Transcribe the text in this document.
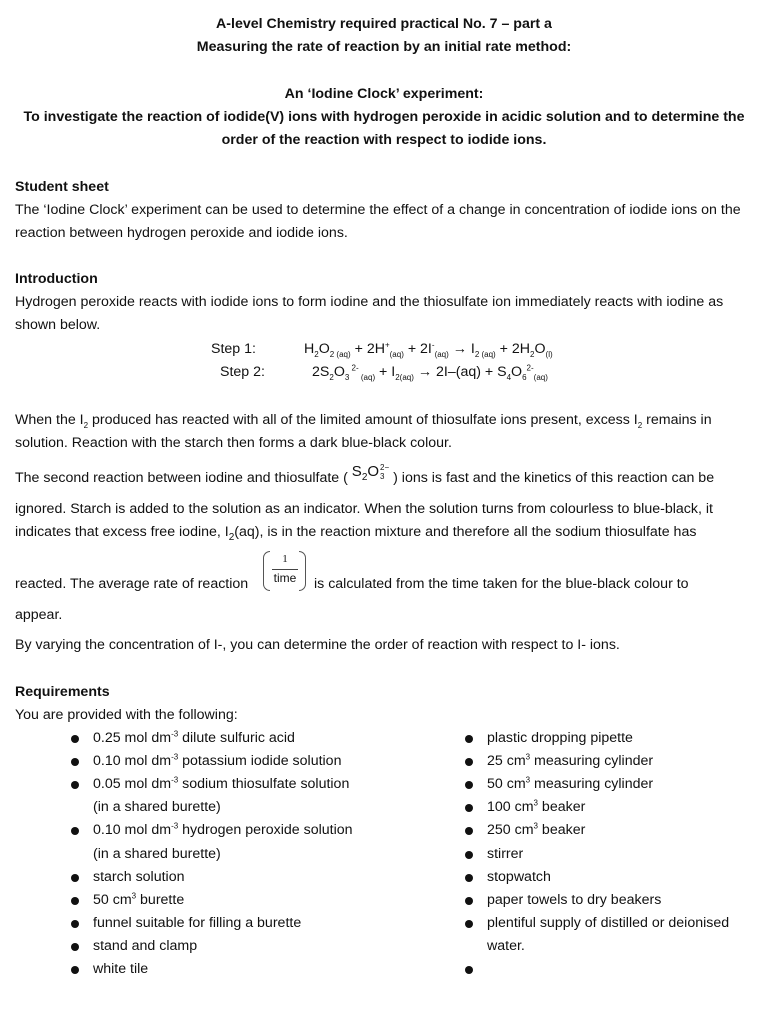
A-level Chemistry required practical No. 7 – part a
Measuring the rate of reaction by an initial rate method:
An ‘Iodine Clock’ experiment:
To investigate the reaction of iodide(V) ions with hydrogen peroxide in acidic solution and to determine the
order of the reaction with respect to iodide ions.
Student sheet
The ‘Iodine Clock’ experiment can be used to determine the effect of a change in concentration of iodide ions on the
reaction between hydrogen peroxide and iodide ions.
Introduction
Hydrogen peroxide reacts with iodide ions to form iodine and the thiosulfate ion immediately reacts with iodine as
shown below.
Step 1:	$H_2O_{2 (aq)} + 2H^+_{(aq)} + 2I^-_{(aq)} \to I_{2 (aq)} + 2H_2O_{(l)}$
Step 2:	$2S_2O_3$ $^{2-}$ $_{(aq)} + I_{2(aq)} \to 2I-(aq) + S_4O_6^{2-}_{(aq)}$
When the $I_2$ produced has reacted with all of the limited amount of thiosulfate ions present, excess $I_2$ remains in
solution. Reaction with the starch then forms a dark blue-black colour.
The second reaction between iodine and thiosulfate ( $S_2O2-$
3 ) ions is fast and the kinetics of this reaction can be
ignored. Starch is added to the solution as an indicator. When the solution turns from colourless to blue-black, it
indicates that excess free iodine, $I_2(aq)$, is in the reaction mixture and therefore all the sodium thiosulfate has
reacted. The average rate of reaction
1
time	is calculated from the time taken for the blue-black colour to
appear.
By varying the concentration of I-, you can determine the order of reaction with respect to I- ions.
Requirements
You are provided with the following:
0.25 mol $dm^{-3}$ dilute sulfuric acid
0.10 mol $dm^{-3}$ potassium iodide solution
0.05 mol $dm^{-3}$ sodium thiosulfate solution
(in a shared burette)
0.10 mol $dm^{-3}$ hydrogen peroxide solution
(in a shared burette)
starch solution
50 $cm^3$ burette
funnel suitable for filling a burette
stand and clamp
white tile
plastic dropping pipette
25 $cm^3$ measuring cylinder
50 $cm^3$ measuring cylinder
100 $cm^3$ beaker
250 $cm^3$ beaker
stirrer
stopwatch
paper towels to dry beakers
plentiful supply of distilled or deionised
water.
